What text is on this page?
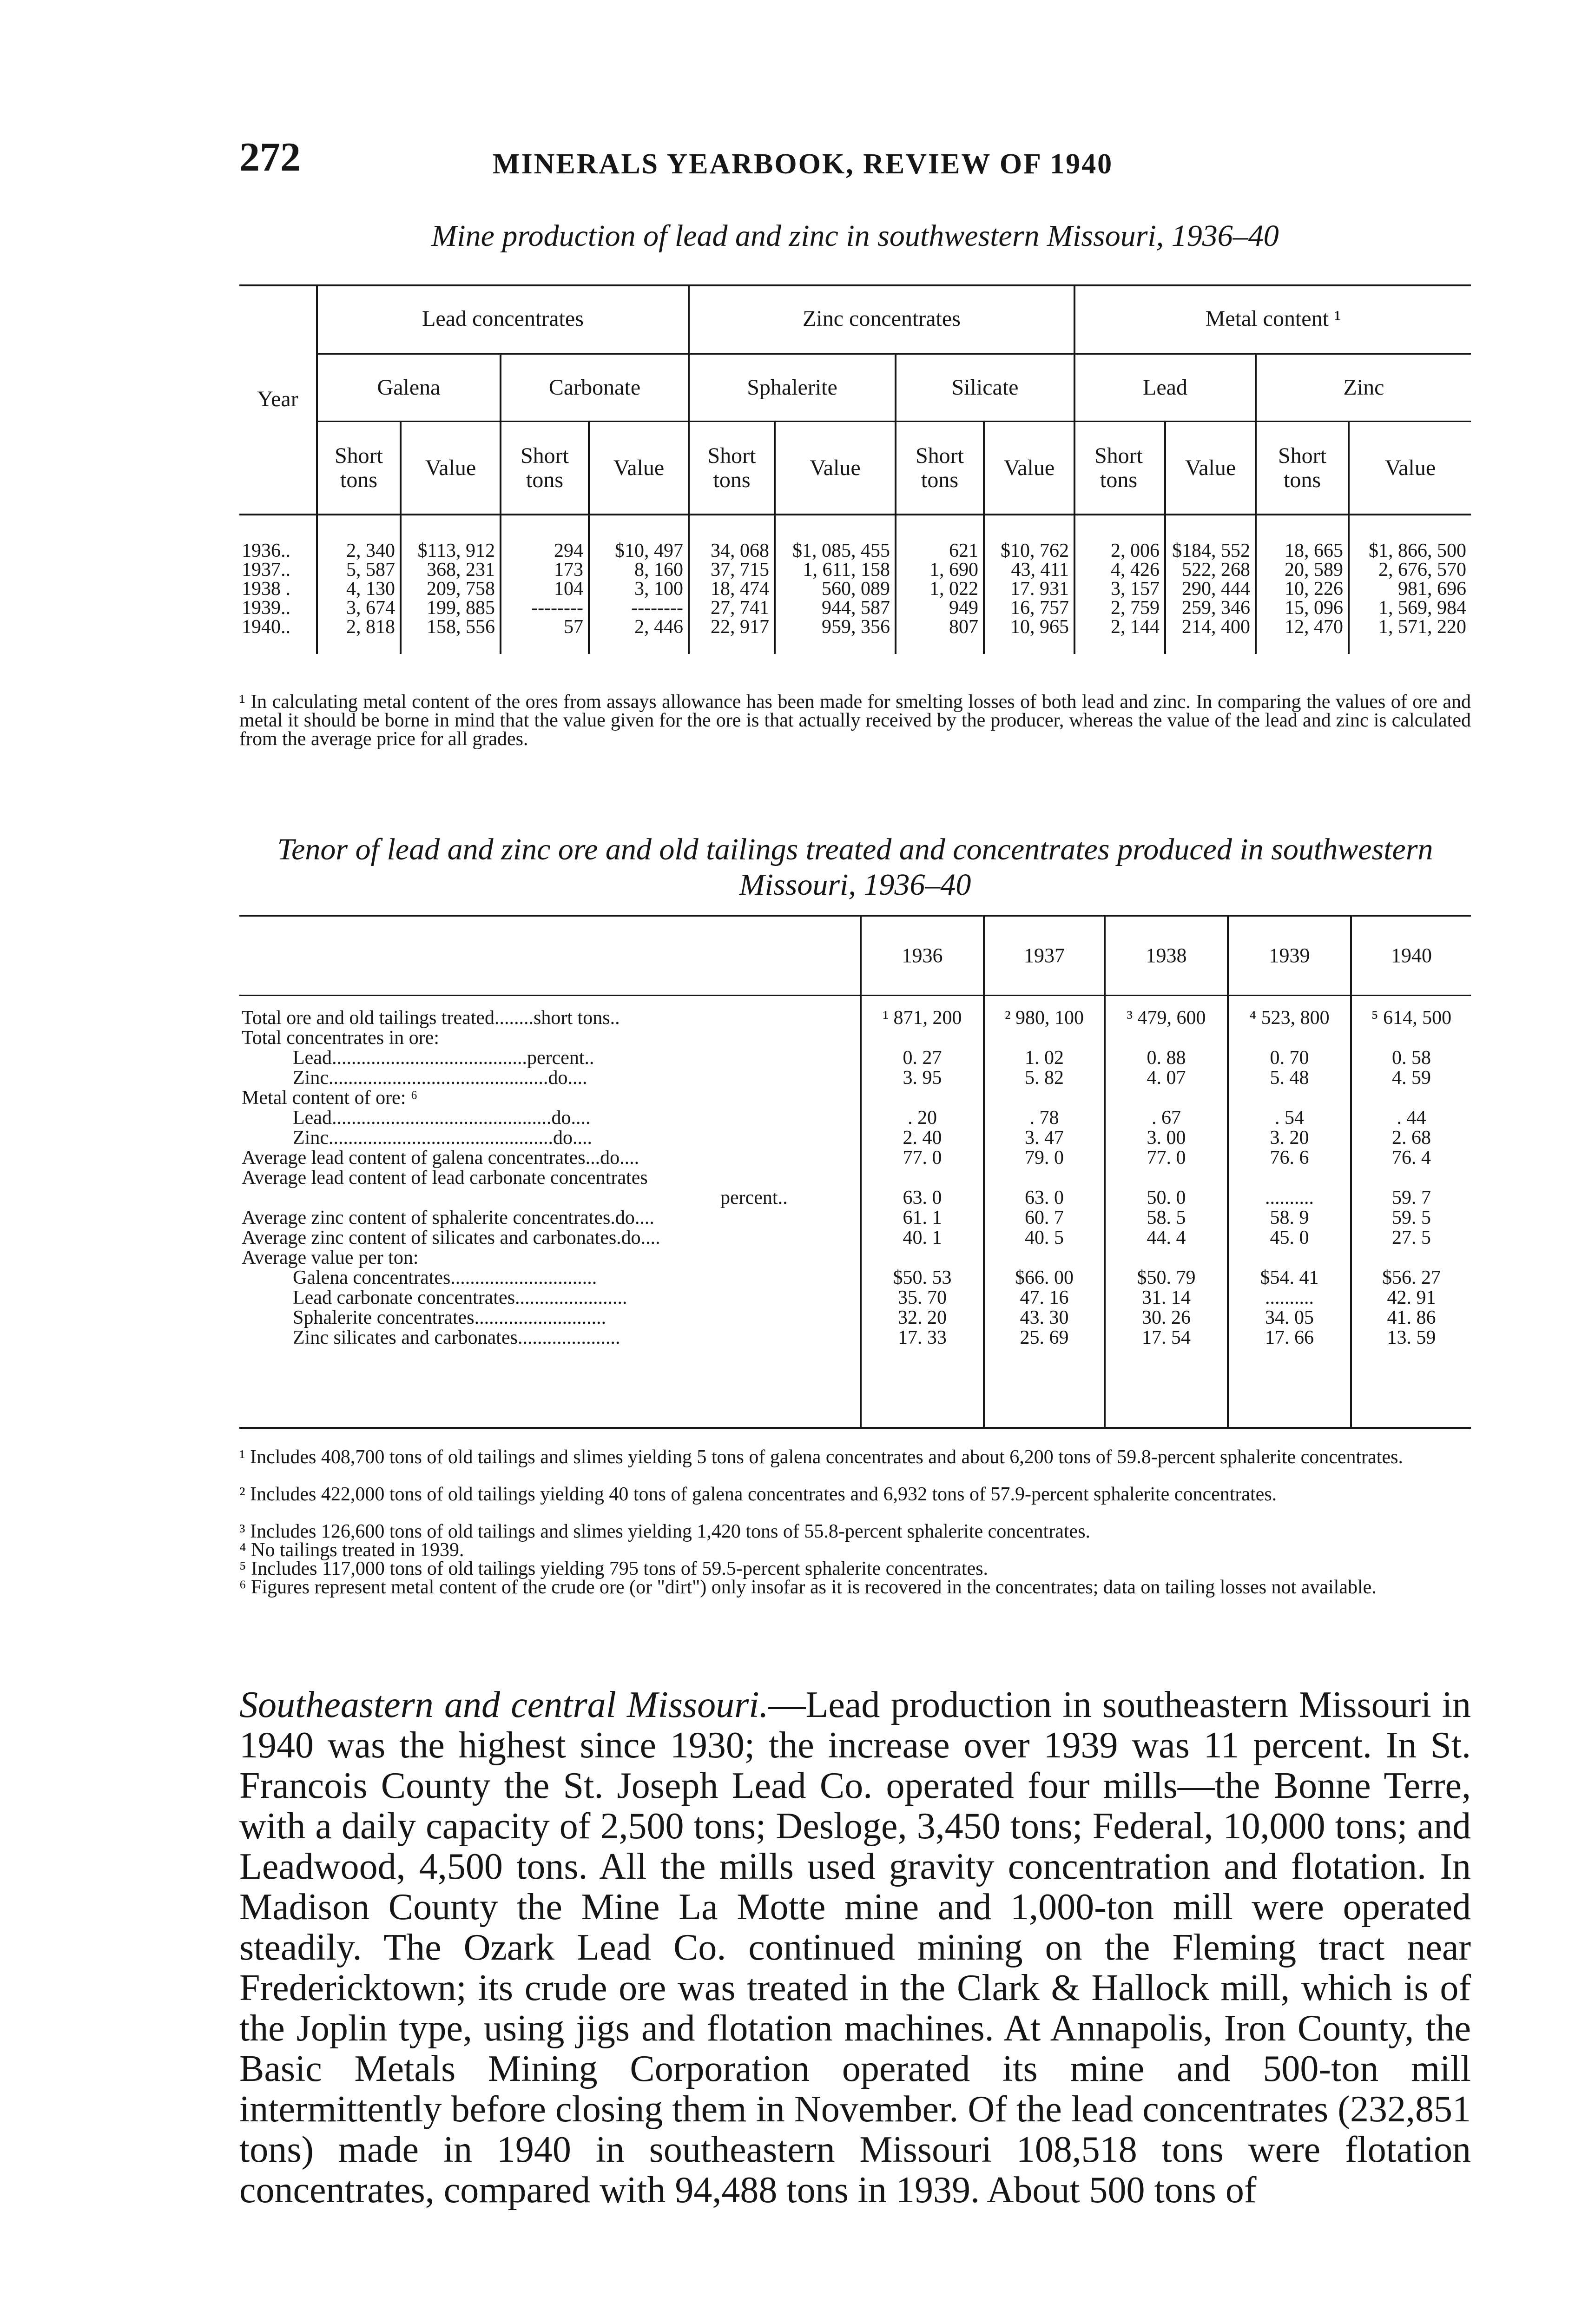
272	MINERALS YEARBOOK, REVIEW OF 1940
Mine production of lead and zinc in southwestern Missouri, 1936–40
Year
Lead concentrates	Zinc concentrates	Metal content ¹
Galena	Carbonate	Sphalerite	Silicate	Lead	Zinc
Short tons	Value	Short tons	Value	Short tons	Value	Short tons	Value	Short tons	Value	Short tons	Value
1936..	2, 340	$113, 912	294	$10, 497	34, 068	$1, 085, 455	621	$10, 762	2, 006 $184, 552	18, 665	$1, 866, 500
1937..	5, 587	368, 231	173	8, 160	37, 715	1, 611, 158	1, 690	43, 411	4, 426	522, 268	20, 589	2, 676, 570
1938 .	4, 130	209, 758	104	3, 100	18, 474	560, 089	1, 022	17. 931	3, 157	290, 444	10, 226	981, 696
1939..	3, 674	199, 885	--------	--------	27, 741	944, 587	949	16, 757	2, 759	259, 346	15, 096	1, 569, 984
1940..	2, 818	158, 556	57	2, 446	22, 917	959, 356	807	10, 965	2, 144	214, 400	12, 470	1, 571, 220
¹ In calculating metal content of the ores from assays allowance has been made for smelting losses of both lead and zinc. In comparing the values of ore and metal it should be borne in mind that the value given for the ore is that actually received by the producer, whereas the value of the lead and zinc is calculated from the average price for all grades.
Tenor of lead and zinc ore and old tailings treated and concentrates produced in southwestern Missouri, 1936–40
1936	1937	1938	1939	1940
Total ore and old tailings treated........short tons..	¹ 871, 200	² 980, 100	³ 479, 600	⁴ 523, 800	⁵ 614, 500
Total concentrates in ore:
Lead........................................percent..	0. 27	1. 02	0. 88	0. 70	0. 58
Zinc.............................................do....	3. 95	5. 82	4. 07	5. 48	4. 59
Metal content of ore: ⁶
Lead.............................................do....	. 20	. 78	. 67	. 54	. 44
Zinc..............................................do....	2. 40	3. 47	3. 00	3. 20	2. 68
Average lead content of galena concentrates...do....	77. 0	79. 0	77. 0	76. 6	76. 4
Average lead content of lead carbonate concentrates
percent..	63. 0	63. 0	50. 0	..........	59. 7
Average zinc content of sphalerite concentrates.do....	61. 1	60. 7	58. 5	58. 9	59. 5
Average zinc content of silicates and carbonates.do....	40. 1	40. 5	44. 4	45. 0	27. 5
Average value per ton:
Galena concentrates..............................	$50. 53	$66. 00	$50. 79	$54. 41	$56. 27
Lead carbonate concentrates.......................	35. 70	47. 16	31. 14	..........	42. 91
Sphalerite concentrates...........................	32. 20	43. 30	30. 26	34. 05	41. 86
Zinc silicates and carbonates.....................	17. 33	25. 69	17. 54	17. 66	13. 59
¹ Includes 408,700 tons of old tailings and slimes yielding 5 tons of galena concentrates and about 6,200 tons of 59.8-percent sphalerite concentrates.
² Includes 422,000 tons of old tailings yielding 40 tons of galena concentrates and 6,932 tons of 57.9-percent sphalerite concentrates.
³ Includes 126,600 tons of old tailings and slimes yielding 1,420 tons of 55.8-percent sphalerite concentrates.
⁴ No tailings treated in 1939.
⁵ Includes 117,000 tons of old tailings yielding 795 tons of 59.5-percent sphalerite concentrates.
⁶ Figures represent metal content of the crude ore (or "dirt") only insofar as it is recovered in the concentrates; data on tailing losses not available.
Southeastern and central Missouri.—Lead production in southeastern Missouri in 1940 was the highest since 1930; the increase over 1939 was 11 percent. In St. Francois County the St. Joseph Lead Co. operated four mills—the Bonne Terre, with a daily capacity of 2,500 tons; Desloge, 3,450 tons; Federal, 10,000 tons; and Leadwood, 4,500 tons. All the mills used gravity concentration and flotation. In Madison County the Mine La Motte mine and 1,000-ton mill were operated steadily. The Ozark Lead Co. continued mining on the Fleming tract near Fredericktown; its crude ore was treated in the Clark & Hallock mill, which is of the Joplin type, using jigs and flotation machines. At Annapolis, Iron County, the Basic Metals Mining Corporation operated its mine and 500-ton mill intermittently before closing them in November. Of the lead concentrates (232,851 tons) made in 1940 in southeastern Missouri 108,518 tons were flotation concentrates, compared with 94,488 tons in 1939. About 500 tons of
